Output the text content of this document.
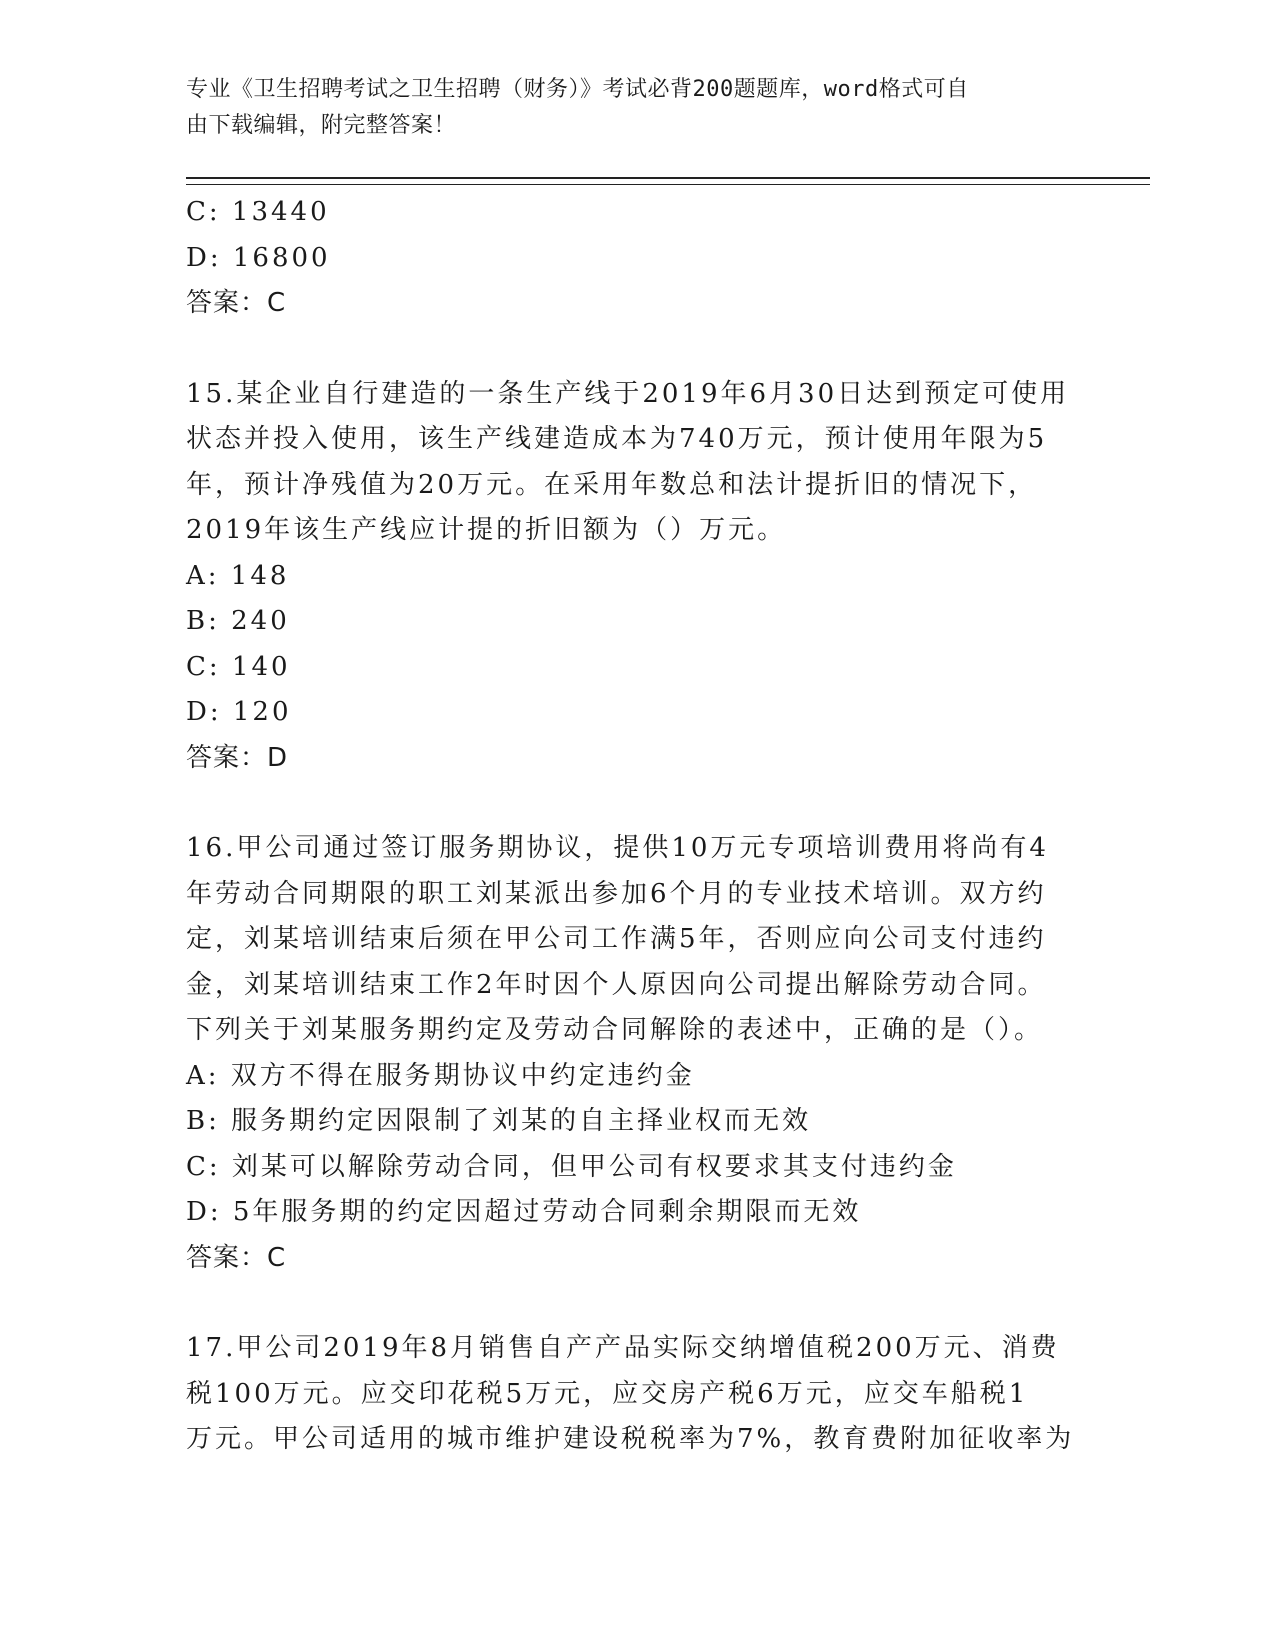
专业《卫生招聘考试之卫生招聘（财务）》考试必背200题题库，word格式可自
由下载编辑，附完整答案！
C: 13440
D: 16800
答案：C
15.某企业自行建造的一条生产线于2019年6月30日达到预定可使用
状态并投入使用，该生产线建造成本为740万元，预计使用年限为5
年，预计净残值为20万元。在采用年数总和法计提折旧的情况下，
2019年该生产线应计提的折旧额为（）万元。
A: 148
B: 240
C: 140
D: 120
答案：D
16.甲公司通过签订服务期协议，提供10万元专项培训费用将尚有4
年劳动合同期限的职工刘某派出参加6个月的专业技术培训。双方约
定，刘某培训结束后须在甲公司工作满5年，否则应向公司支付违约
金，刘某培训结束工作2年时因个人原因向公司提出解除劳动合同。
下列关于刘某服务期约定及劳动合同解除的表述中，正确的是（）。
A: 双方不得在服务期协议中约定违约金
B: 服务期约定因限制了刘某的自主择业权而无效
C: 刘某可以解除劳动合同，但甲公司有权要求其支付违约金
D: 5年服务期的约定因超过劳动合同剩余期限而无效
答案：C
17.甲公司2019年8月销售自产产品实际交纳增值税200万元、消费
税100万元。应交印花税5万元，应交房产税6万元，应交车船税1
万元。甲公司适用的城市维护建设税税率为7%，教育费附加征收率为
